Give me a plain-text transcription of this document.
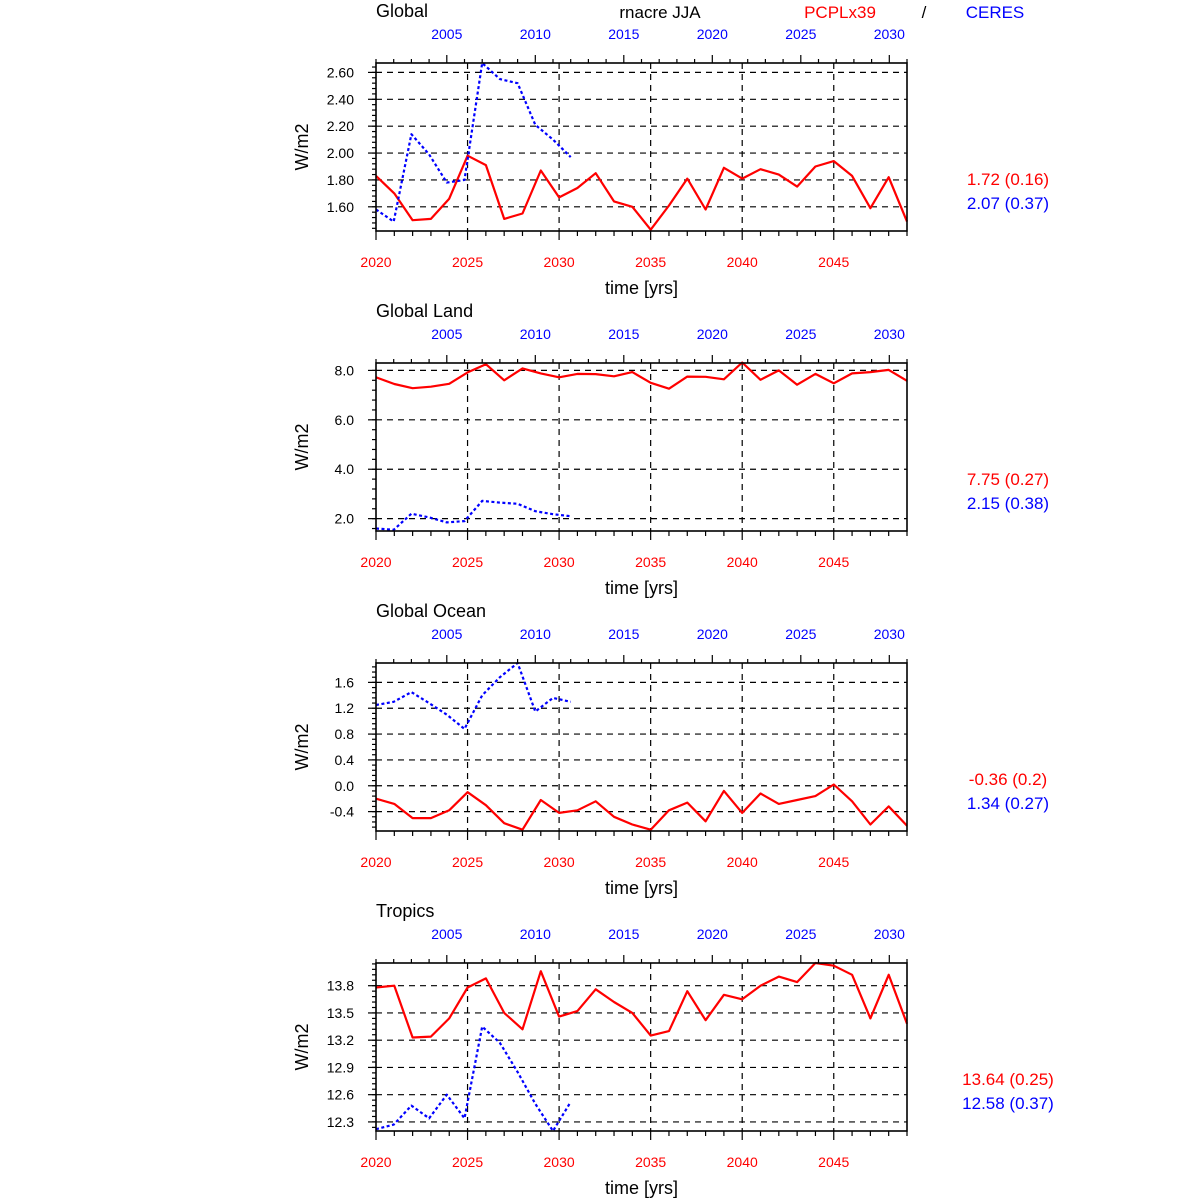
rnacre JJA	PCPLx39	/ CERES
2020	2025	2030	2035	2040	2045
2005	2010	2015	2020	2025	2030
1.60
1.80
2.00
2.20
2.40
2.60
Global
time [yrs]
W/m2
1.72 (0.16)
2.07 (0.37)
2020	2025	2030	2035	2040	2045
2005	2010	2015	2020	2025	2030
2.0
4.0
6.0
8.0
Global Land
time [yrs]
W/m2
7.75 (0.27)
2.15 (0.38)
2020	2025	2030	2035	2040	2045
2005	2010	2015	2020	2025	2030
-0.4
0.0
0.4
0.8
1.2
1.6
Global Ocean
time [yrs]
W/m2
-0.36 (0.2)
1.34 (0.27)
2020	2025	2030	2035	2040	2045
2005	2010	2015	2020	2025	2030
12.3
12.6
12.9
13.2
13.5
13.8
Tropics
time [yrs]
W/m2
13.64 (0.25)
12.58 (0.37)
